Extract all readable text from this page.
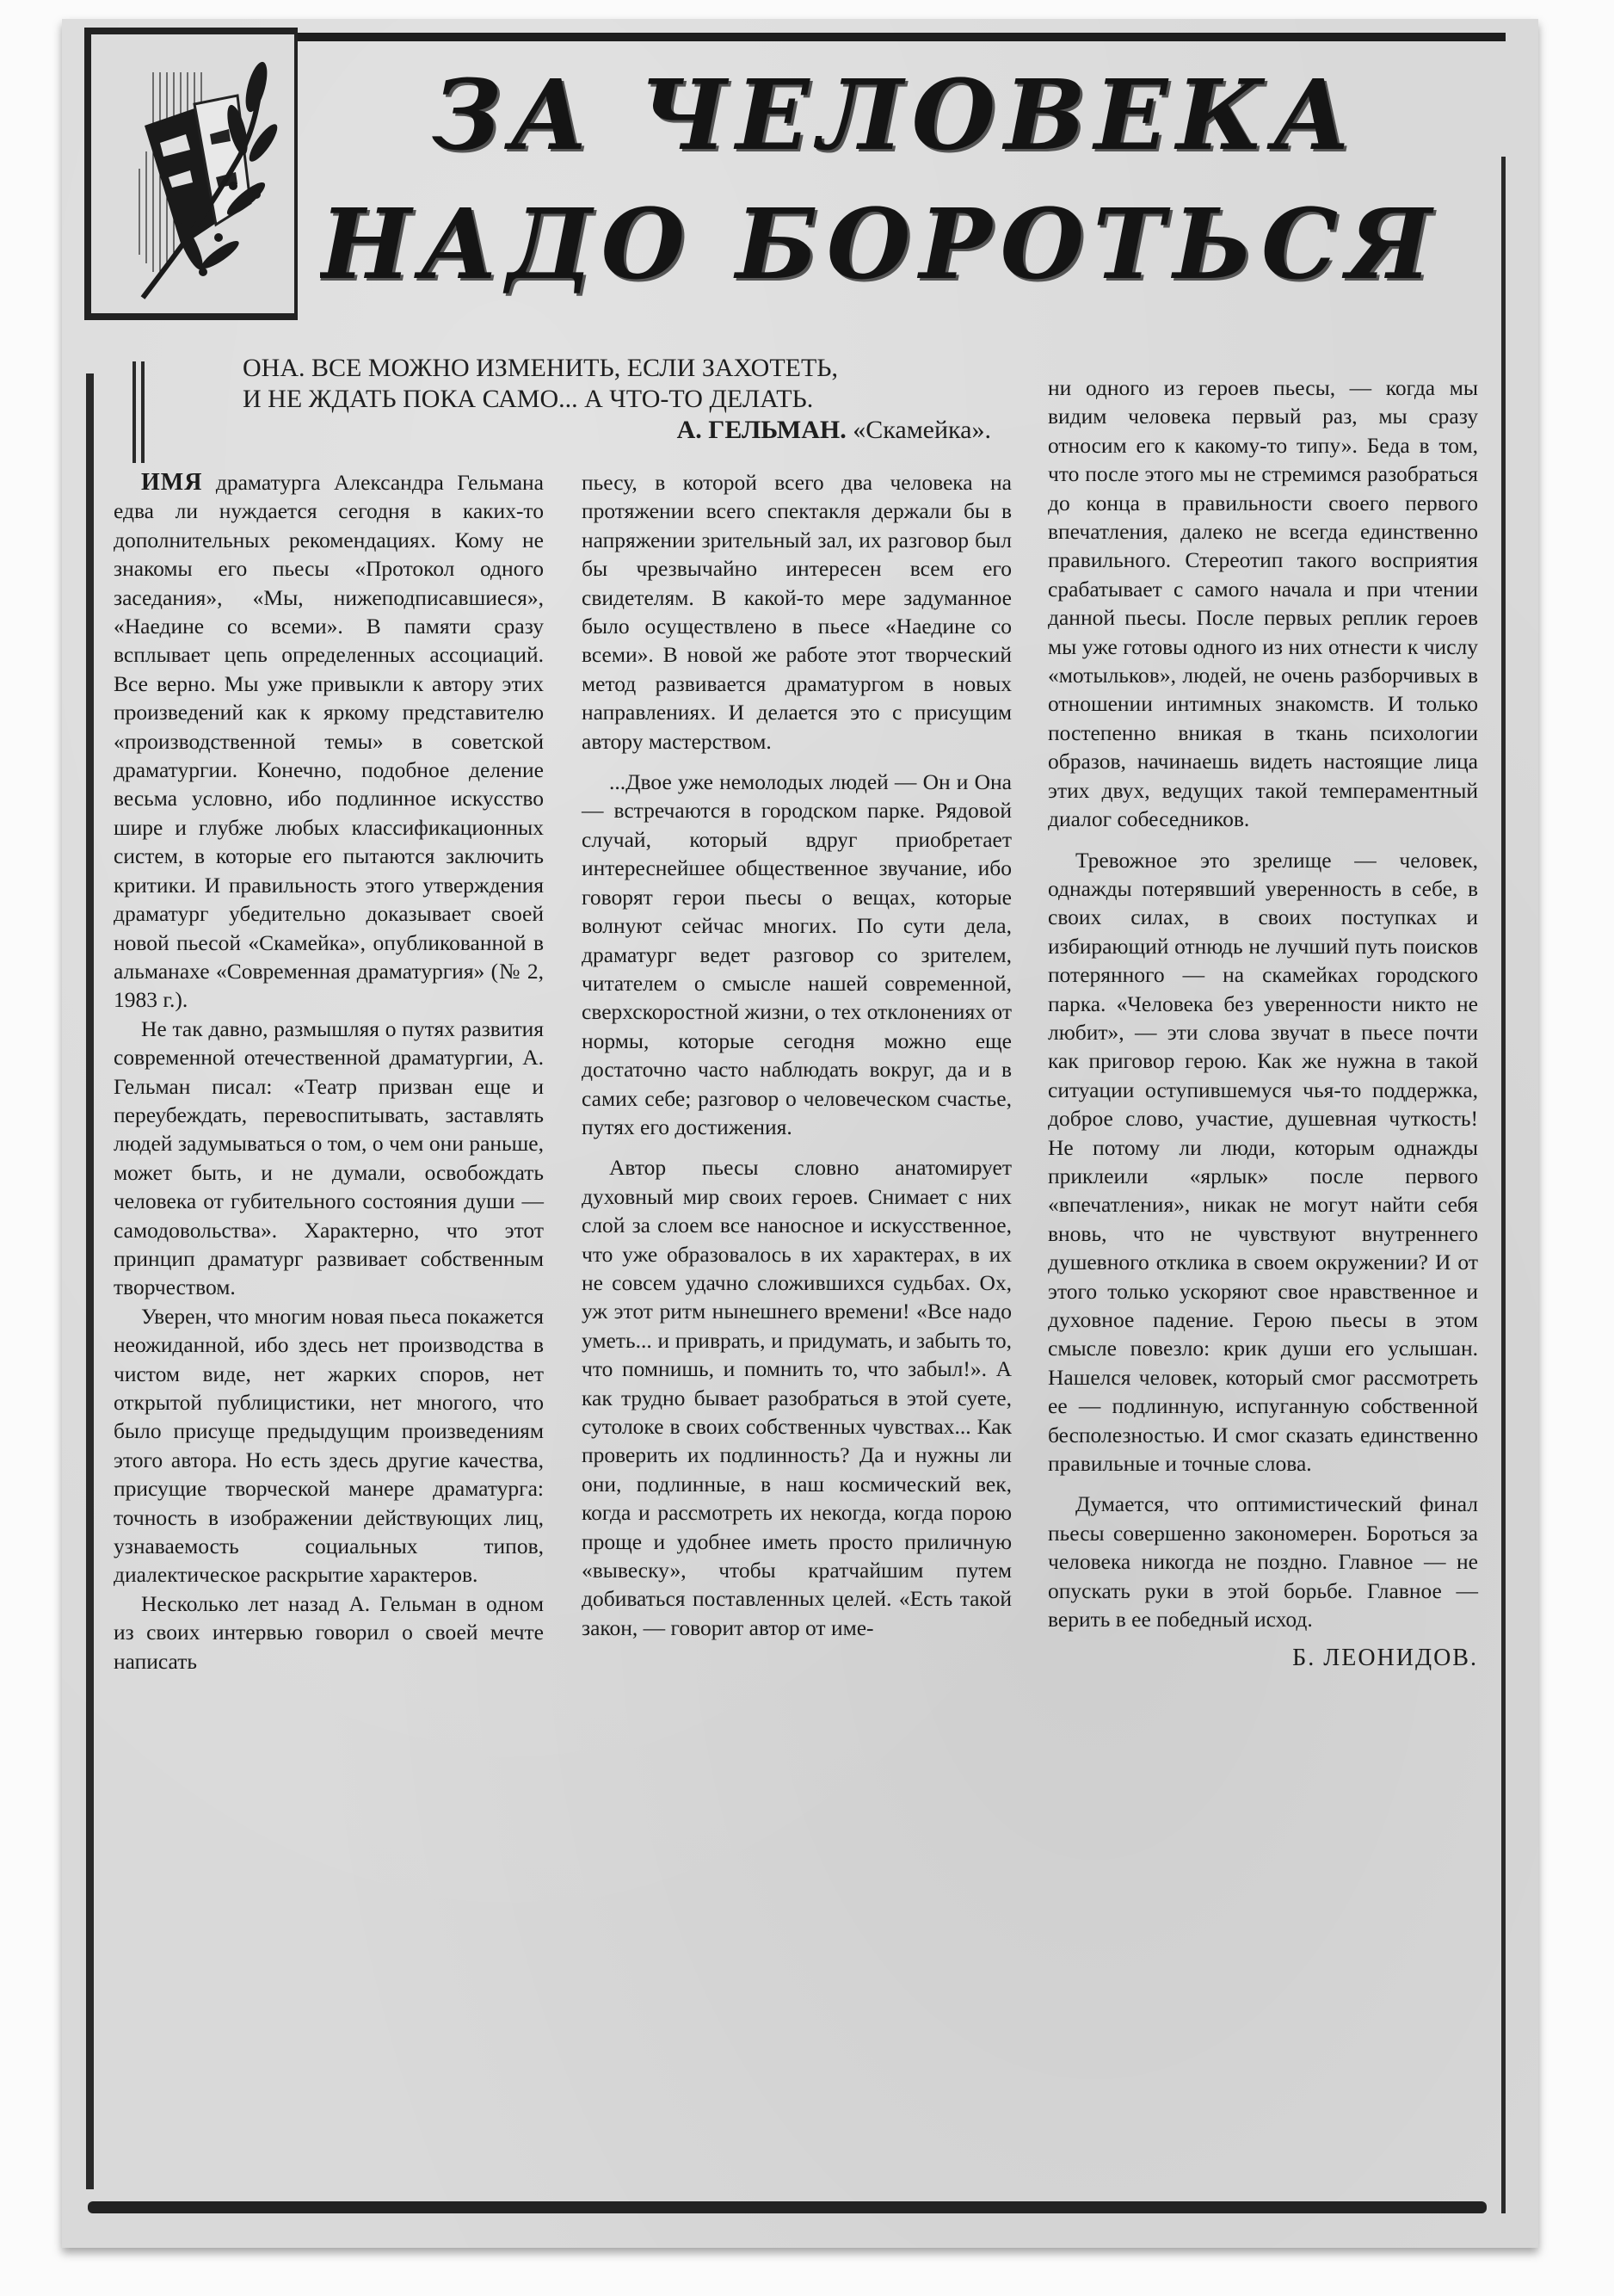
ЗА ЧЕЛОВЕКА
НАДО БОРОТЬСЯ
ОНА. ВСЕ МОЖНО ИЗМЕНИТЬ, ЕСЛИ ЗАХОТЕТЬ,
И НЕ ЖДАТЬ ПОКА САМО... А ЧТО-ТО ДЕЛАТЬ.
А. ГЕЛЬМАН. «Скамейка».

ИМЯ драматурга Александра Гельмана едва ли нуждается сегодня в каких-то дополнительных рекомендациях. Кому не знакомы его пьесы «Протокол одного заседания», «Мы, нижеподписавшиеся», «Наедине со всеми». В памяти сразу всплывает цепь определенных ассоциаций. Все верно. Мы уже привыкли к автору этих произведений как к яркому представителю «производственной темы» в советской драматургии. Конечно, подобное деление весьма условно, ибо подлинное искусство шире и глубже любых классификационных систем, в которые его пытаются заключить критики. И правильность этого утверждения драматург убедительно доказывает своей новой пьесой «Скамейка», опубликованной в альманахе «Современная драматургия» (№ 2, 1983 г.).

Не так давно, размышляя о путях развития современной отечественной драматургии, А. Гельман писал: «Театр призван еще и переубеждать, перевоспитывать, заставлять людей задумываться о том, о чем они раньше, может быть, и не думали, освобождать человека от губительного состояния души — самодовольства». Характерно, что этот принцип драматург развивает собственным творчеством.

Уверен, что многим новая пьеса покажется неожиданной, ибо здесь нет производства в чистом виде, нет жарких споров, нет открытой публицистики, нет многого, что было присуще предыдущим произведениям этого автора. Но есть здесь другие качества, присущие творческой манере драматурга: точность в изображении действующих лиц, узнаваемость социальных типов, диалектическое раскрытие характеров.

Несколько лет назад А. Гельман в одном из своих интервью говорил о своей мечте написать

пьесу, в которой всего два человека на протяжении всего спектакля держали бы в напряжении зрительный зал, их разговор был бы чрезвычайно интересен всем его свидетелям. В какой-то мере задуманное было осуществлено в пьесе «Наедине со всеми». В новой же работе этот творческий метод развивается драматургом в новых направлениях. И делается это с присущим автору мастерством.

...Двое уже немолодых людей — Он и Она — встречаются в городском парке. Рядовой случай, который вдруг приобретает интереснейшее общественное звучание, ибо говорят герои пьесы о вещах, которые волнуют сейчас многих. По сути дела, драматург ведет разговор со зрителем, читателем о смысле нашей современной, сверхскоростной жизни, о тех отклонениях от нормы, которые сегодня можно еще достаточно часто наблюдать вокруг, да и в самих себе; разговор о человеческом счастье, путях его достижения.

Автор пьесы словно анатомирует духовный мир своих героев. Снимает с них слой за слоем все наносное и искусственное, что уже образовалось в их характерах, в их не совсем удачно сложившихся судьбах. Ох, уж этот ритм нынешнего времени! «Все надо уметь... и приврать, и придумать, и забыть то, что помнишь, и помнить то, что забыл!». А как трудно бывает разобраться в этой суете, сутолоке в своих собственных чувствах... Как проверить их подлинность? Да и нужны ли они, подлинные, в наш космический век, когда и рассмотреть их некогда, когда порою проще и удобнее иметь просто приличную «вывеску», чтобы кратчайшим путем добиваться поставленных целей. «Есть такой закон, — говорит автор от име-

ни одного из героев пьесы, — когда мы видим человека первый раз, мы сразу относим его к какому-то типу». Беда в том, что после этого мы не стремимся разобраться до конца в правильности своего первого впечатления, далеко не всегда единственно правильного. Стереотип такого восприятия срабатывает с самого начала и при чтении данной пьесы. После первых реплик героев мы уже готовы одного из них отнести к числу «мотыльков», людей, не очень разборчивых в отношении интимных знакомств. И только постепенно вникая в ткань психологии образов, начинаешь видеть настоящие лица этих двух, ведущих такой темпераментный диалог собеседников.

Тревожное это зрелище — человек, однажды потерявший уверенность в себе, в своих силах, в своих поступках и избирающий отнюдь не лучший путь поисков потерянного — на скамейках городского парка. «Человека без уверенности никто не любит», — эти слова звучат в пьесе почти как приговор герою. Как же нужна в такой ситуации оступившемуся чья-то поддержка, доброе слово, участие, душевная чуткость! Не потому ли люди, которым однажды приклеили «ярлык» после первого «впечатления», никак не могут найти себя вновь, что не чувствуют внутреннего душевного отклика в своем окружении? И от этого только ускоряют свое нравственное и духовное падение. Герою пьесы в этом смысле повезло: крик души его услышан. Нашелся человек, который смог рассмотреть ее — подлинную, испуганную собственной бесполезностью. И смог сказать единственно правильные и точные слова.

Думается, что оптимистический финал пьесы совершенно закономерен. Бороться за человека никогда не поздно. Главное — не опускать руки в этой борьбе. Главное — верить в ее победный исход.

Б. ЛЕОНИДОВ.
